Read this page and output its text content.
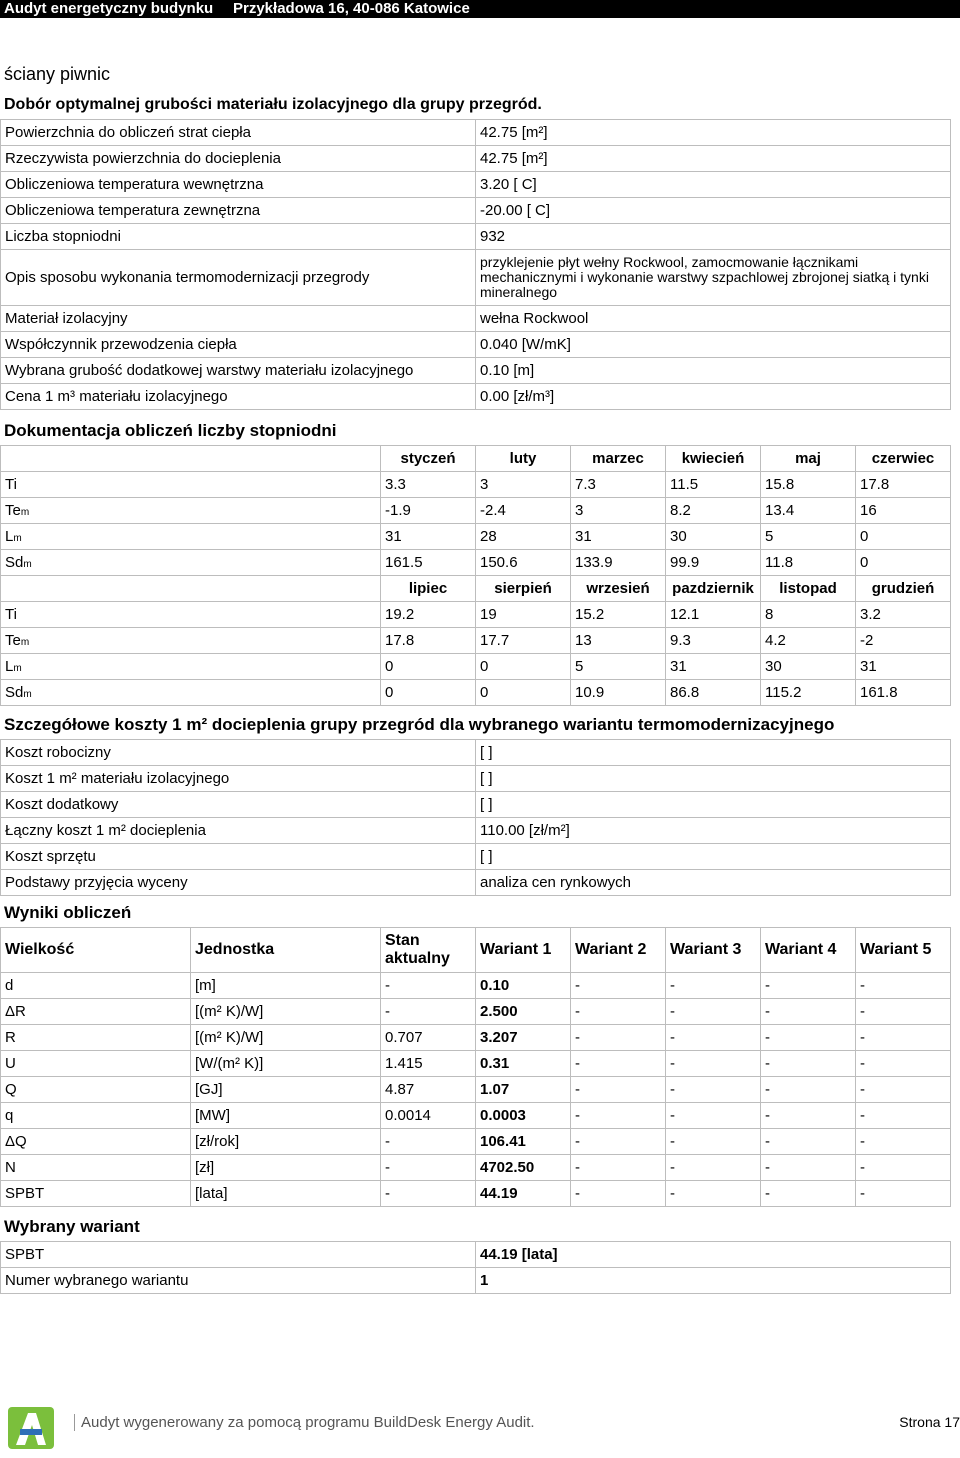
Audyt energetyczny budynku Przykładowa 16, 40-086 Katowice
ściany piwnic
Dobór optymalnej grubości materiału izolacyjnego dla grupy przegród.
Powierzchnia do obliczeń strat ciepła	42.75 [m²]
Rzeczywista powierzchnia do docieplenia	42.75 [m²]
Obliczeniowa temperatura wewnętrzna	3.20 [ C]
Obliczeniowa temperatura zewnętrzna	-20.00 [ C]
Liczba stopniodni	932
Opis sposobu wykonania termomodernizacji przegrody	przyklejenie płyt wełny Rockwool, zamocmowanie łącznikami mechanicznymi i wykonanie warstwy szpachlowej zbrojonej siatką i tynki mineralnego
Materiał izolacyjny	wełna Rockwool
Współczynnik przewodzenia ciepła	0.040 [W/mK]
Wybrana grubość dodatkowej warstwy materiału izolacyjnego	0.10 [m]
Cena 1 m³ materiału izolacyjnego	0.00 [zł/m³]
Dokumentacja obliczeń liczby stopniodni
	styczeń	luty	marzec	kwiecień	maj	czerwiec
Ti	3.3	3	7.3	11.5	15.8	17.8
Tem	-1.9	-2.4	3	8.2	13.4	16
Lm	31	28	31	30	5	0
Sdm	161.5	150.6	133.9	99.9	11.8	0
	lipiec	sierpień	wrzesień	pazdziernik	listopad	grudzień
Ti	19.2	19	15.2	12.1	8	3.2
Tem	17.8	17.7	13	9.3	4.2	-2
Lm	0	0	5	31	30	31
Sdm	0	0	10.9	86.8	115.2	161.8
Szczegółowe koszty 1 m² docieplenia grupy przegród dla wybranego wariantu termomodernizacyjnego
Koszt robocizny	[ ]
Koszt 1 m² materiału izolacyjnego	[ ]
Koszt dodatkowy	[ ]
Łączny koszt 1 m² docieplenia	110.00 [zł/m²]
Koszt sprzętu	[ ]
Podstawy przyjęcia wyceny	analiza cen rynkowych
Wyniki obliczeń
Wielkość	Jednostka	Stan aktualny	Wariant 1	Wariant 2	Wariant 3	Wariant 4	Wariant 5
d	[m]	-	0.10	-	-	-	-
ΔR	[(m² K)/W]	-	2.500	-	-	-	-
R	[(m² K)/W]	0.707	3.207	-	-	-	-
U	[W/(m² K)]	1.415	0.31	-	-	-	-
Q	[GJ]	4.87	1.07	-	-	-	-
q	[MW]	0.0014	0.0003	-	-	-	-
ΔQ	[zł/rok]	-	106.41	-	-	-	-
N	[zł]	-	4702.50	-	-	-	-
SPBT	[lata]	-	44.19	-	-	-	-
Wybrany wariant
SPBT	44.19 [lata]
Numer wybranego wariantu	1
Audyt wygenerowany za pomocą programu BuildDesk Energy Audit.	Strona 17
